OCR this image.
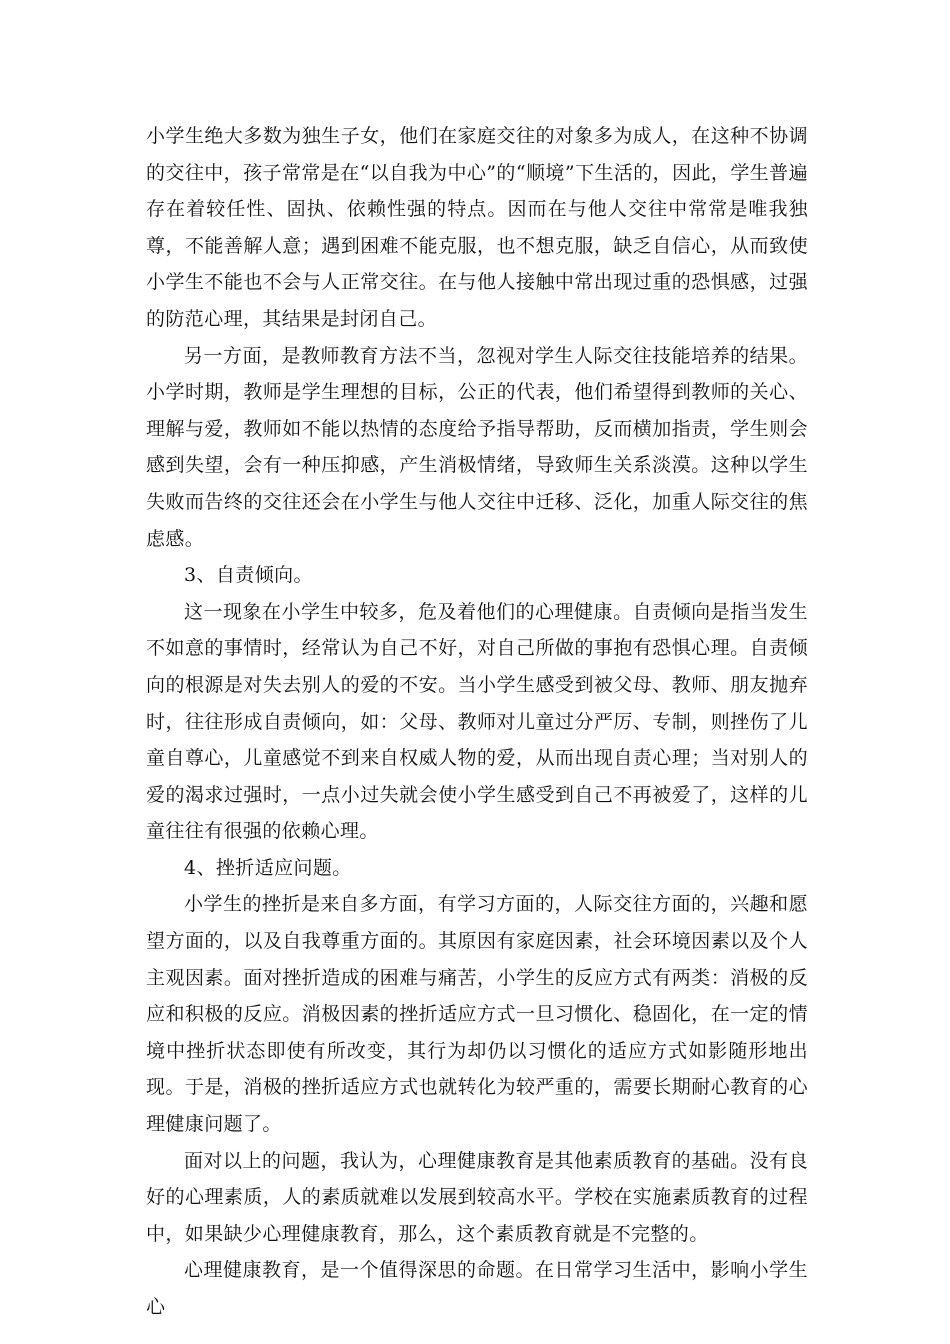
小学生绝大多数为独生子女，他们在家庭交往的对象多为成人，在这种不协调的交往中，孩子常常是在“以自我为中心”的“顺境”下生活的，因此，学生普遍存在着较任性、固执、依赖性强的特点。因而在与他人交往中常常是唯我独尊，不能善解人意；遇到困难不能克服，也不想克服，缺乏自信心，从而致使小学生不能也不会与人正常交往。在与他人接触中常出现过重的恐惧感，过强的防范心理，其结果是封闭自己。

另一方面，是教师教育方法不当，忽视对学生人际交往技能培养的结果。小学时期，教师是学生理想的目标，公正的代表，他们希望得到教师的关心、理解与爱，教师如不能以热情的态度给予指导帮助，反而横加指责，学生则会感到失望，会有一种压抑感，产生消极情绪，导致师生关系淡漠。这种以学生失败而告终的交往还会在小学生与他人交往中迁移、泛化，加重人际交往的焦虑感。

3、自责倾向。

这一现象在小学生中较多，危及着他们的心理健康。自责倾向是指当发生不如意的事情时，经常认为自己不好，对自己所做的事抱有恐惧心理。自责倾向的根源是对失去别人的爱的不安。当小学生感受到被父母、教师、朋友抛弃时，往往形成自责倾向，如：父母、教师对儿童过分严厉、专制，则挫伤了儿童自尊心，儿童感觉不到来自权威人物的爱，从而出现自责心理；当对别人的爱的渴求过强时，一点小过失就会使小学生感受到自己不再被爱了，这样的儿童往往有很强的依赖心理。

4、挫折适应问题。

小学生的挫折是来自多方面，有学习方面的，人际交往方面的，兴趣和愿望方面的，以及自我尊重方面的。其原因有家庭因素，社会环境因素以及个人主观因素。面对挫折造成的困难与痛苦，小学生的反应方式有两类：消极的反应和积极的反应。消极因素的挫折适应方式一旦习惯化、稳固化，在一定的情境中挫折状态即使有所改变，其行为却仍以习惯化的适应方式如影随形地出现。于是，消极的挫折适应方式也就转化为较严重的，需要长期耐心教育的心理健康问题了。

面对以上的问题，我认为，心理健康教育是其他素质教育的基础。没有良好的心理素质，人的素质就难以发展到较高水平。学校在实施素质教育的过程中，如果缺少心理健康教育，那么，这个素质教育就是不完整的。

心理健康教育，是一个值得深思的命题。在日常学习生活中，影响小学生心
